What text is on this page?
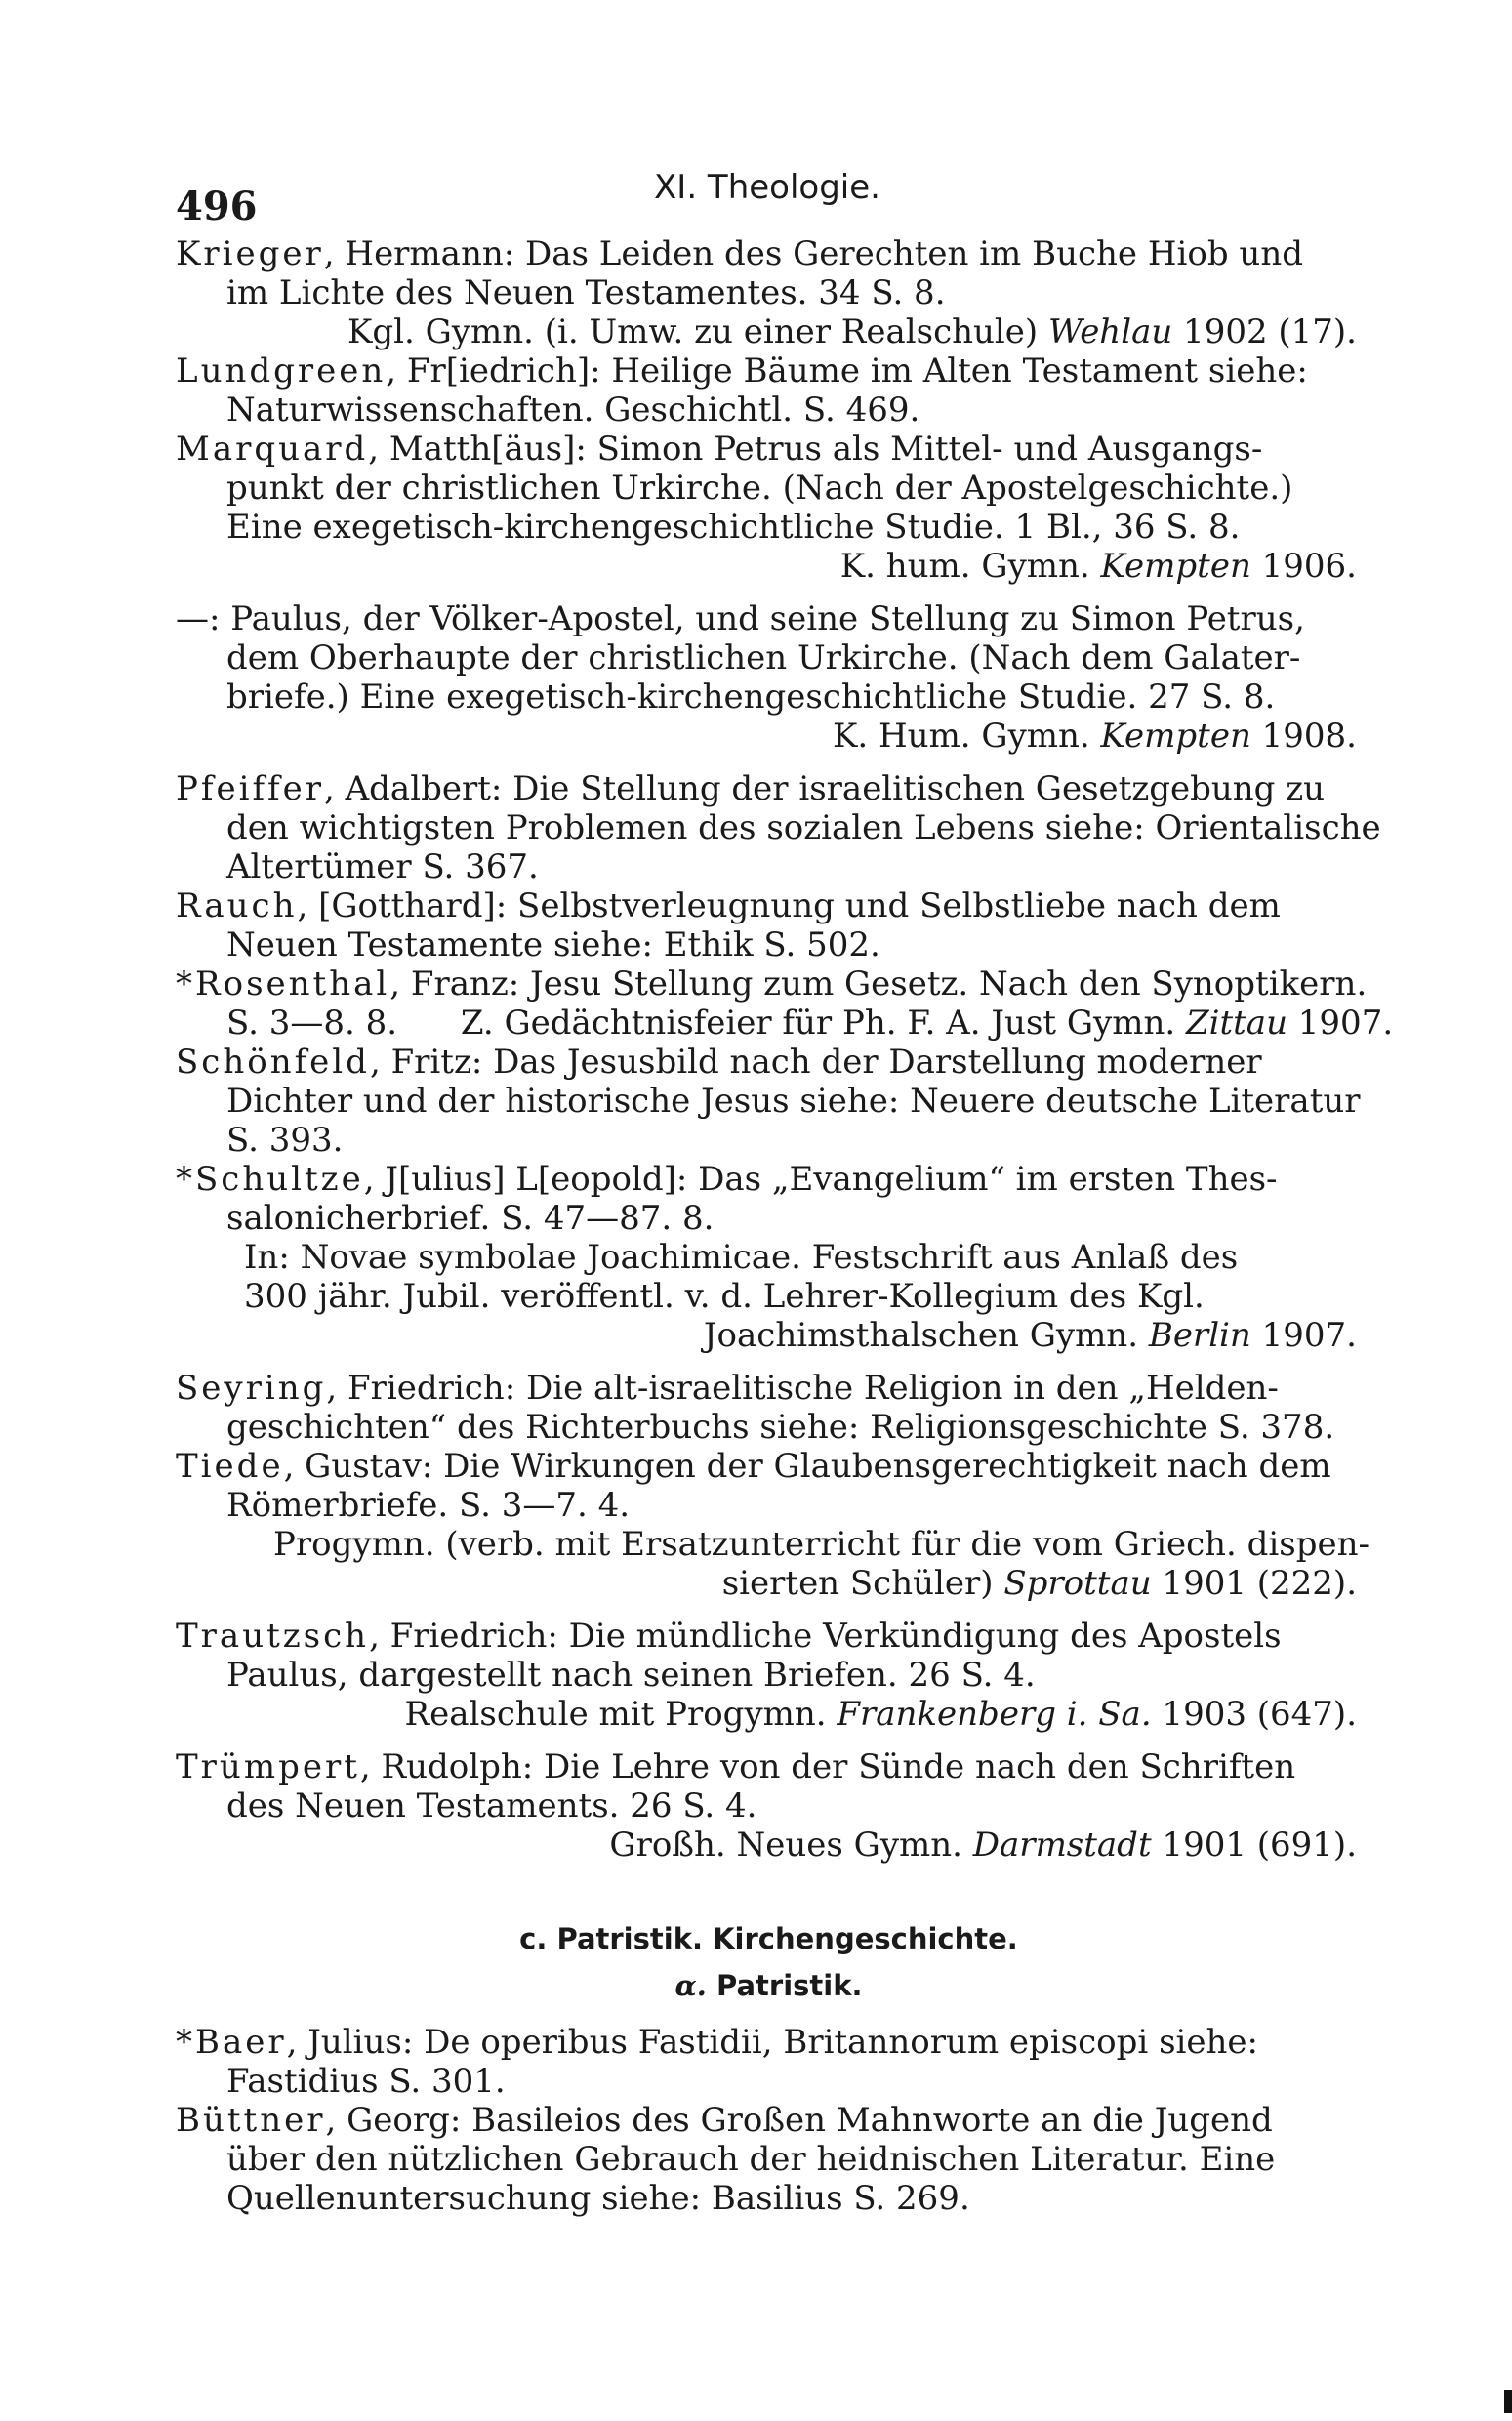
496	XI. Theologie.
Krieger, Hermann: Das Leiden des Gerechten im Buche Hiob und
im Lichte des Neuen Testamentes. 34 S. 8.
Kgl. Gymn. (i. Umw. zu einer Realschule) Wehlau 1902 (17).
Lundgreen, Fr[iedrich]: Heilige Bäume im Alten Testament siehe:
Naturwissenschaften. Geschichtl. S. 469.
Marquard, Matth[äus]: Simon Petrus als Mittel- und Ausgangs-
punkt der christlichen Urkirche. (Nach der Apostelgeschichte.)
Eine exegetisch-kirchengeschichtliche Studie. 1 Bl., 36 S. 8.
K. hum. Gymn. Kempten 1906.
—: Paulus, der Völker-Apostel, und seine Stellung zu Simon Petrus,
dem Oberhaupte der christlichen Urkirche. (Nach dem Galater-
briefe.) Eine exegetisch-kirchengeschichtliche Studie. 27 S. 8.
K. Hum. Gymn. Kempten 1908.
Pfeiffer, Adalbert: Die Stellung der israelitischen Gesetzgebung zu
den wichtigsten Problemen des sozialen Lebens siehe: Orientalische
Altertümer S. 367.
Rauch, [Gotthard]: Selbstverleugnung und Selbstliebe nach dem
Neuen Testamente siehe: Ethik S. 502.
*Rosenthal, Franz: Jesu Stellung zum Gesetz. Nach den Synoptikern.
S. 3—8. 8.      Z. Gedächtnisfeier für Ph. F. A. Just Gymn. Zittau 1907.
Schönfeld, Fritz: Das Jesusbild nach der Darstellung moderner
Dichter und der historische Jesus siehe: Neuere deutsche Literatur
S. 393.
*Schultze, J[ulius] L[eopold]: Das „Evangelium“ im ersten Thes-
salonicherbrief. S. 47—87. 8.
In: Novae symbolae Joachimicae. Festschrift aus Anlaß des
300 jähr. Jubil. veröffentl. v. d. Lehrer-Kollegium des Kgl.
Joachimsthalschen Gymn. Berlin 1907.
Seyring, Friedrich: Die alt-israelitische Religion in den „Helden-
geschichten“ des Richterbuchs siehe: Religionsgeschichte S. 378.
Tiede, Gustav: Die Wirkungen der Glaubensgerechtigkeit nach dem
Römerbriefe. S. 3—7. 4.
Progymn. (verb. mit Ersatzunterricht für die vom Griech. dispen-
sierten Schüler) Sprottau 1901 (222).
Trautzsch, Friedrich: Die mündliche Verkündigung des Apostels
Paulus, dargestellt nach seinen Briefen. 26 S. 4.
Realschule mit Progymn. Frankenberg i. Sa. 1903 (647).
Trümpert, Rudolph: Die Lehre von der Sünde nach den Schriften
des Neuen Testaments. 26 S. 4.
Großh. Neues Gymn. Darmstadt 1901 (691).
c. Patristik. Kirchengeschichte.
α. Patristik.
*Baer, Julius: De operibus Fastidii, Britannorum episcopi siehe:
Fastidius S. 301.
Büttner, Georg: Basileios des Großen Mahnworte an die Jugend
über den nützlichen Gebrauch der heidnischen Literatur. Eine
Quellenuntersuchung siehe: Basilius S. 269.
